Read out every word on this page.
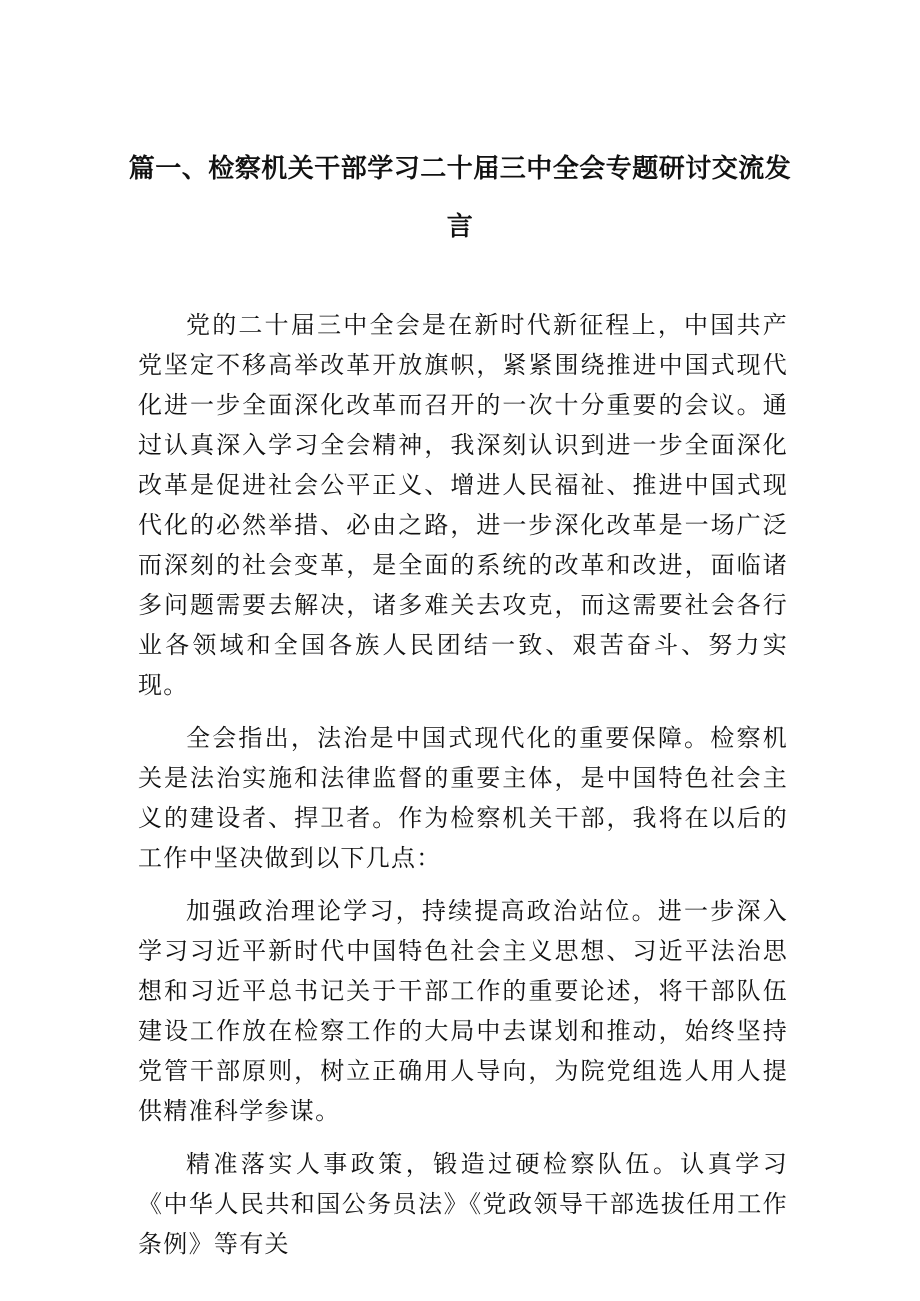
篇一、检察机关干部学习二十届三中全会专题研讨交流发
言

党的二十届三中全会是在新时代新征程上，中国共产党坚定不移高举改革开放旗帜，紧紧围绕推进中国式现代化进一步全面深化改革而召开的一次十分重要的会议。通过认真深入学习全会精神，我深刻认识到进一步全面深化改革是促进社会公平正义、增进人民福祉、推进中国式现代化的必然举措、必由之路，进一步深化改革是一场广泛而深刻的社会变革，是全面的系统的改革和改进，面临诸多问题需要去解决，诸多难关去攻克，而这需要社会各行业各领域和全国各族人民团结一致、艰苦奋斗、努力实现。

全会指出，法治是中国式现代化的重要保障。检察机关是法治实施和法律监督的重要主体，是中国特色社会主义的建设者、捍卫者。作为检察机关干部，我将在以后的工作中坚决做到以下几点：

加强政治理论学习，持续提高政治站位。进一步深入学习习近平新时代中国特色社会主义思想、习近平法治思想和习近平总书记关于干部工作的重要论述，将干部队伍建设工作放在检察工作的大局中去谋划和推动，始终坚持党管干部原则，树立正确用人导向，为院党组选人用人提供精准科学参谋。

精准落实人事政策，锻造过硬检察队伍。认真学习《中华人民共和国公务员法》《党政领导干部选拔任用工作条例》等有关
